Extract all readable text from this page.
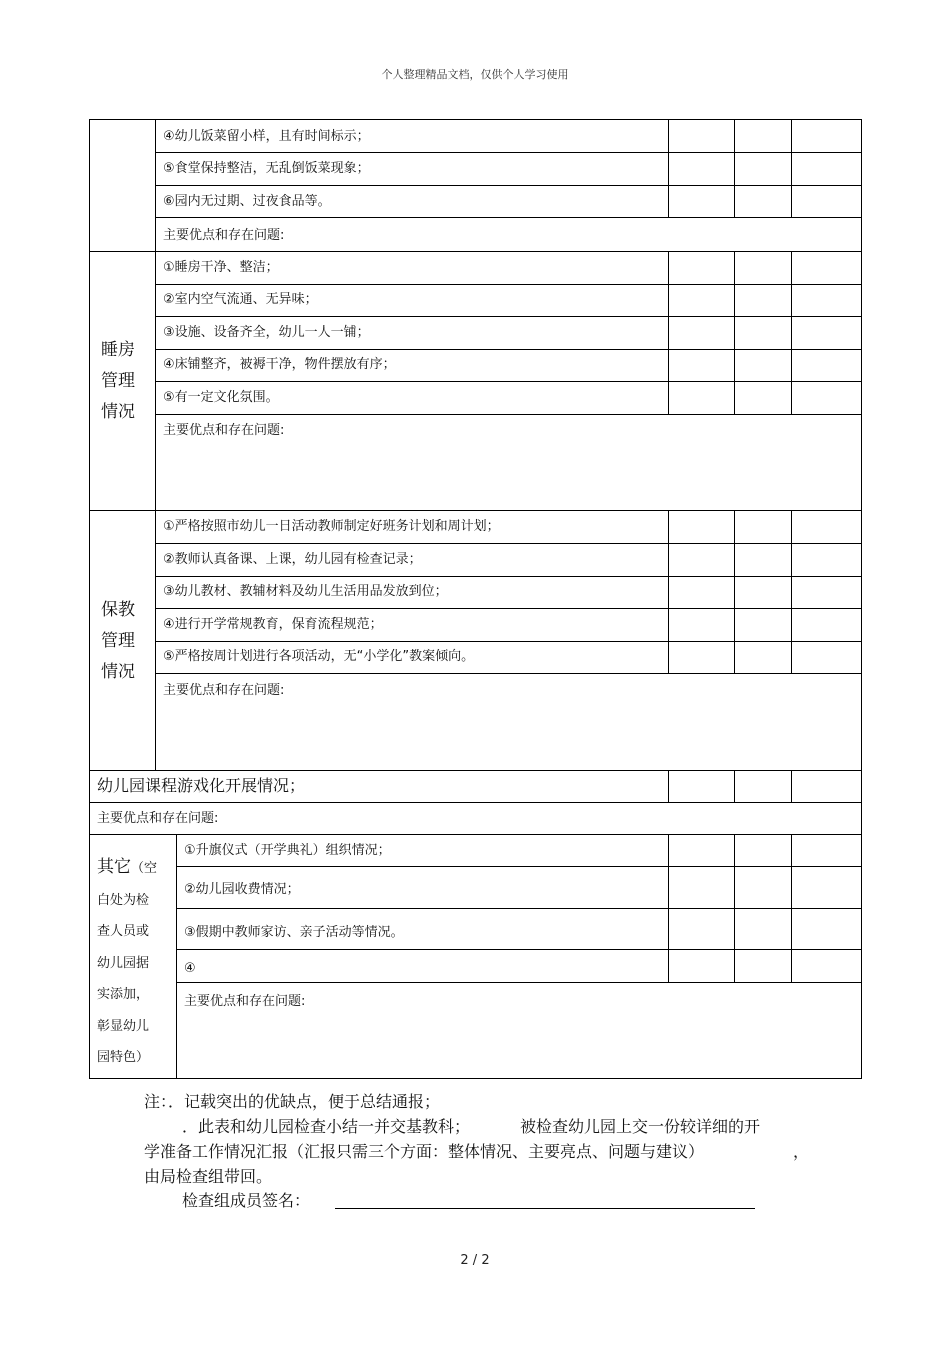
个人整理精品文档，仅供个人学习使用
④幼儿饭菜留小样，且有时间标示；
⑤食堂保持整洁，无乱倒饭菜现象；
⑥园内无过期、过夜食品等。
主要优点和存在问题:
睡房
管理
情况
①睡房干净、整洁；
②室内空气流通、无异味；
③设施、设备齐全，幼儿一人一铺；
④床铺整齐，被褥干净，物件摆放有序；
⑤有一定文化氛围。
主要优点和存在问题:
保教
管理
情况
①严格按照市幼儿一日活动教师制定好班务计划和周计划；
②教师认真备课、上课，幼儿园有检查记录；
③幼儿教材、教辅材料及幼儿生活用品发放到位；
④进行开学常规教育，保育流程规范；
⑤严格按周计划进行各项活动，无“小学化”教案倾向。
主要优点和存在问题:
幼儿园课程游戏化开展情况；
主要优点和存在问题:
其它（空
白处为检
查人员或
幼儿园据
实添加，
彰显幼儿
园特色）
①升旗仪式（开学典礼）组织情况；
②幼儿园收费情况；
③假期中教师家访、亲子活动等情况。
④
主要优点和存在问题:
注：．记载突出的优缺点，便于总结通报；
．此表和幼儿园检查小结一并交基教科；	被检查幼儿园上交一份较详细的开
学准备工作情况汇报（汇报只需三个方面：整体情况、主要亮点、问题与建议）	，
由局检查组带回。
检查组成员签名：
2 / 2
